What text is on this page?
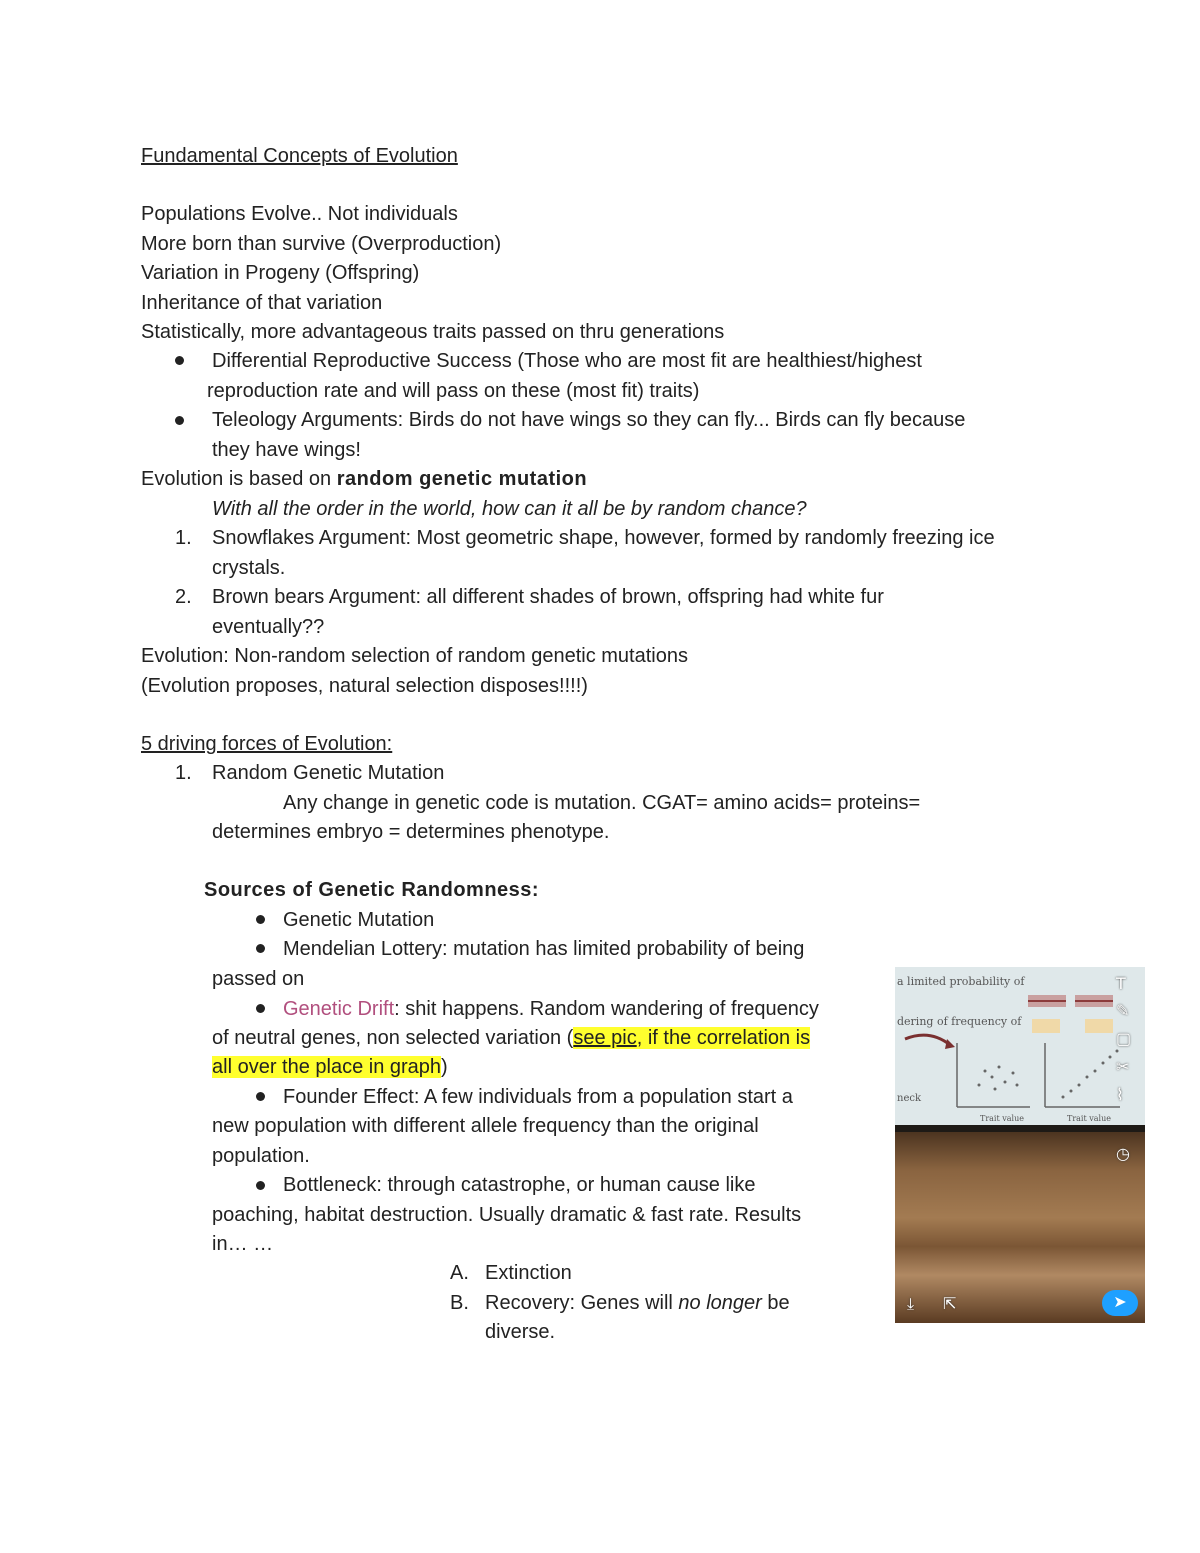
Fundamental Concepts of Evolution
Populations Evolve.. Not individuals
More born than survive (Overproduction)
Variation in Progeny (Offspring)
Inheritance of that variation
Statistically, more advantageous traits passed on thru generations
Differential Reproductive Success (Those who are most fit are healthiest/highest
reproduction rate and will pass on these (most fit) traits)
Teleology Arguments: Birds do not have wings so they can fly... Birds can fly because
they have wings!
Evolution is based on random genetic mutation
With all the order in the world, how can it all be by random chance?
1. Snowflakes Argument: Most geometric shape, however, formed by randomly freezing ice
crystals.
2. Brown bears Argument: all different shades of brown, offspring had white fur
eventually??
Evolution: Non-random selection of random genetic mutations
(Evolution proposes, natural selection disposes!!!!)
5 driving forces of Evolution:
1. Random Genetic Mutation
Any change in genetic code is mutation. CGAT= amino acids= proteins=
determines embryo = determines phenotype.
Sources of Genetic Randomness:
Genetic Mutation
Mendelian Lottery: mutation has limited probability of being
passed on
Genetic Drift: shit happens. Random wandering of frequency
of neutral genes, non selected variation (see pic, if the correlation is
all over the place in graph)
Founder Effect: A few individuals from a population start a
new population with different allele frequency than the original
population.
Bottleneck: through catastrophe, or human cause like
poaching, habitat destruction. Usually dramatic & fast rate. Results
in… …
A. Extinction
B. Recovery: Genes will no longer be
diverse.
a limited probability of
dering of frequency of
neck
Trait value	Trait value
T
✎
▢
✂
⌇
◷
⤓ ⇱	➤
